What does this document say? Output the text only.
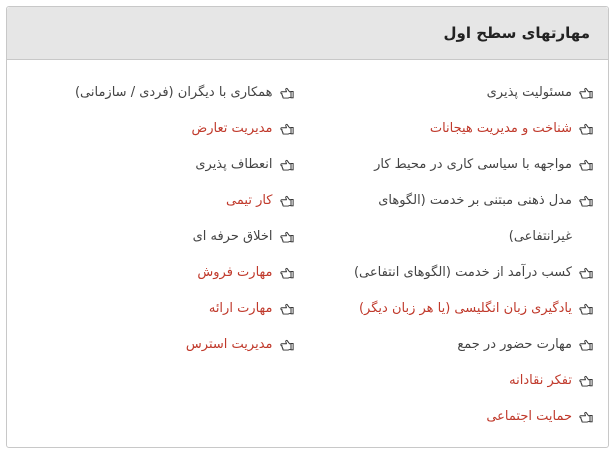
مهارتهای سطح اول
مسئولیت پذیری
شناخت و مدیریت هیجانات
مواجهه با سیاسی کاری در محیط کار
مدل ذهنی مبتنی بر خدمت (الگوهای غیرانتفاعی)
کسب درآمد از خدمت (الگوهای انتفاعی)
یادگیری زبان انگلیسی (یا هر زبان دیگر)
مهارت حضور در جمع
تفکر نقادانه
حمایت اجتماعی
همکاری با دیگران (فردی / سازمانی)
مدیریت تعارض
انعطاف پذیری
کار تیمی
اخلاق حرفه ای
مهارت فروش
مهارت ارائه
مدیریت استرس
